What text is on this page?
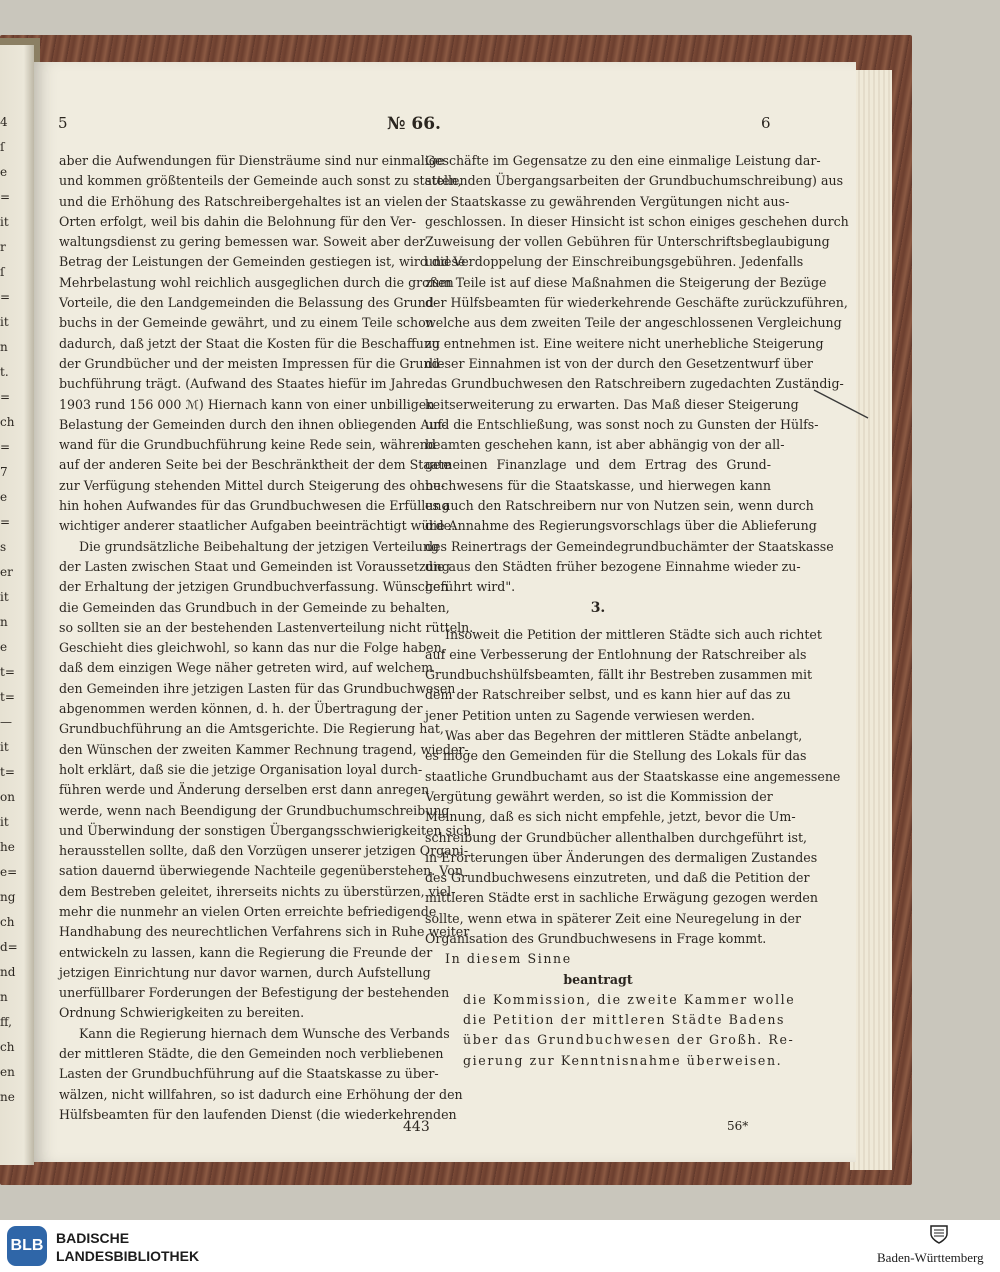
4
ſ
e
=
it
r
ſ
=
it
n
t.
=
ch
=
7
e
=
s
er
it
n
e
t=
t=
—
it
t=
on
it
he
e=
ng
ch
d=
nd
n
ff,
ch
en
ne
5	№ 66.	6
aber die Aufwendungen für Diensträume sind nur einmalige
und kommen größtenteils der Gemeinde auch sonst zu statten,
und die Erhöhung des Ratschreibergehaltes ist an vielen
Orten erfolgt, weil bis dahin die Belohnung für den Ver-
waltungsdienst zu gering bemessen war. Soweit aber der
Betrag der Leistungen der Gemeinden gestiegen ist, wird diese
Mehrbelastung wohl reichlich ausgeglichen durch die großen
Vorteile, die den Landgemeinden die Belassung des Grund-
buchs in der Gemeinde gewährt, und zu einem Teile schon
dadurch, daß jetzt der Staat die Kosten für die Beschaffung
der Grundbücher und der meisten Impressen für die Grund-
buchführung trägt. (Aufwand des Staates hiefür im Jahre
1903 rund 156 000 ℳ) Hiernach kann von einer unbilligen
Belastung der Gemeinden durch den ihnen obliegenden Auf-
wand für die Grundbuchführung keine Rede sein, während
auf der anderen Seite bei der Beschränktheit der dem Staate
zur Verfügung stehenden Mittel durch Steigerung des ohne-
hin hohen Aufwandes für das Grundbuchwesen die Erfüllung
wichtiger anderer staatlicher Aufgaben beeinträchtigt würde.
Die grundsätzliche Beibehaltung der jetzigen Verteilung
der Lasten zwischen Staat und Gemeinden ist Voraussetzung
der Erhaltung der jetzigen Grundbuchverfassung. Wünschen
die Gemeinden das Grundbuch in der Gemeinde zu behalten,
so sollten sie an der bestehenden Lastenverteilung nicht rütteln.
Geschieht dies gleichwohl, so kann das nur die Folge haben,
daß dem einzigen Wege näher getreten wird, auf welchem
den Gemeinden ihre jetzigen Lasten für das Grundbuchwesen
abgenommen werden können, d. h. der Übertragung der
Grundbuchführung an die Amtsgerichte. Die Regierung hat,
den Wünschen der zweiten Kammer Rechnung tragend, wieder-
holt erklärt, daß sie die jetzige Organisation loyal durch-
führen werde und Änderung derselben erst dann anregen
werde, wenn nach Beendigung der Grundbuchumschreibung
und Überwindung der sonstigen Übergangsschwierigkeiten sich
herausstellen sollte, daß den Vorzügen unserer jetzigen Organi-
sation dauernd überwiegende Nachteile gegenüberstehen. Von
dem Bestreben geleitet, ihrerseits nichts zu überstürzen, viel-
mehr die nunmehr an vielen Orten erreichte befriedigende
Handhabung des neurechtlichen Verfahrens sich in Ruhe weiter
entwickeln zu lassen, kann die Regierung die Freunde der
jetzigen Einrichtung nur davor warnen, durch Aufstellung
unerfüllbarer Forderungen der Befestigung der bestehenden
Ordnung Schwierigkeiten zu bereiten.
Kann die Regierung hiernach dem Wunsche des Verbands
der mittleren Städte, die den Gemeinden noch verbliebenen
Lasten der Grundbuchführung auf die Staatskasse zu über-
wälzen, nicht willfahren, so ist dadurch eine Erhöhung der den
Hülfsbeamten für den laufenden Dienst (die wiederkehrenden
Geschäfte im Gegensatze zu den eine einmalige Leistung dar-
stellenden Übergangsarbeiten der Grundbuchumschreibung) aus
der Staatskasse zu gewährenden Vergütungen nicht aus-
geschlossen. In dieser Hinsicht ist schon einiges geschehen durch
Zuweisung der vollen Gebühren für Unterschriftsbeglaubigung
und Verdoppelung der Einschreibungsgebühren. Jedenfalls
zum Teile ist auf diese Maßnahmen die Steigerung der Bezüge
der Hülfsbeamten für wiederkehrende Geschäfte zurückzuführen,
welche aus dem zweiten Teile der angeschlossenen Vergleichung
zu entnehmen ist. Eine weitere nicht unerhebliche Steigerung
dieser Einnahmen ist von der durch den Gesetzentwurf über
das Grundbuchwesen den Ratschreibern zugedachten Zuständig-
keitserweiterung zu erwarten. Das Maß dieser Steigerung
und die Entschließung, was sonst noch zu Gunsten der Hülfs-
beamten geschehen kann, ist aber abhängig von der all-
gemeinen Finanzlage und dem Ertrag des Grund-
buchwesens für die Staatskasse, und hierwegen kann
es auch den Ratschreibern nur von Nutzen sein, wenn durch
die Annahme des Regierungsvorschlags über die Ablieferung
des Reinertrags der Gemeindegrundbuchämter der Staatskasse
die aus den Städten früher bezogene Einnahme wieder zu-
geführt wird".
3.
Insoweit die Petition der mittleren Städte sich auch richtet
auf eine Verbesserung der Entlohnung der Ratschreiber als
Grundbuchshülfsbeamten, fällt ihr Bestreben zusammen mit
dem der Ratschreiber selbst, und es kann hier auf das zu
jener Petition unten zu Sagende verwiesen werden.
Was aber das Begehren der mittleren Städte anbelangt,
es möge den Gemeinden für die Stellung des Lokals für das
staatliche Grundbuchamt aus der Staatskasse eine angemessene
Vergütung gewährt werden, so ist die Kommission der
Meinung, daß es sich nicht empfehle, jetzt, bevor die Um-
schreibung der Grundbücher allenthalben durchgeführt ist,
in Erörterungen über Änderungen des dermaligen Zustandes
des Grundbuchwesens einzutreten, und daß die Petition der
mittleren Städte erst in sachliche Erwägung gezogen werden
sollte, wenn etwa in späterer Zeit eine Neuregelung in der
Organisation des Grundbuchwesens in Frage kommt.
In diesem Sinne
beantragt
die Kommission, die zweite Kammer wolle
die Petition der mittleren Städte Badens
über das Grundbuchwesen der Großh. Re-
gierung zur Kenntnisnahme überweisen.
443	56*
BLB BADISCHE
LANDESBIBLIOTHEK	Baden-Württemberg
